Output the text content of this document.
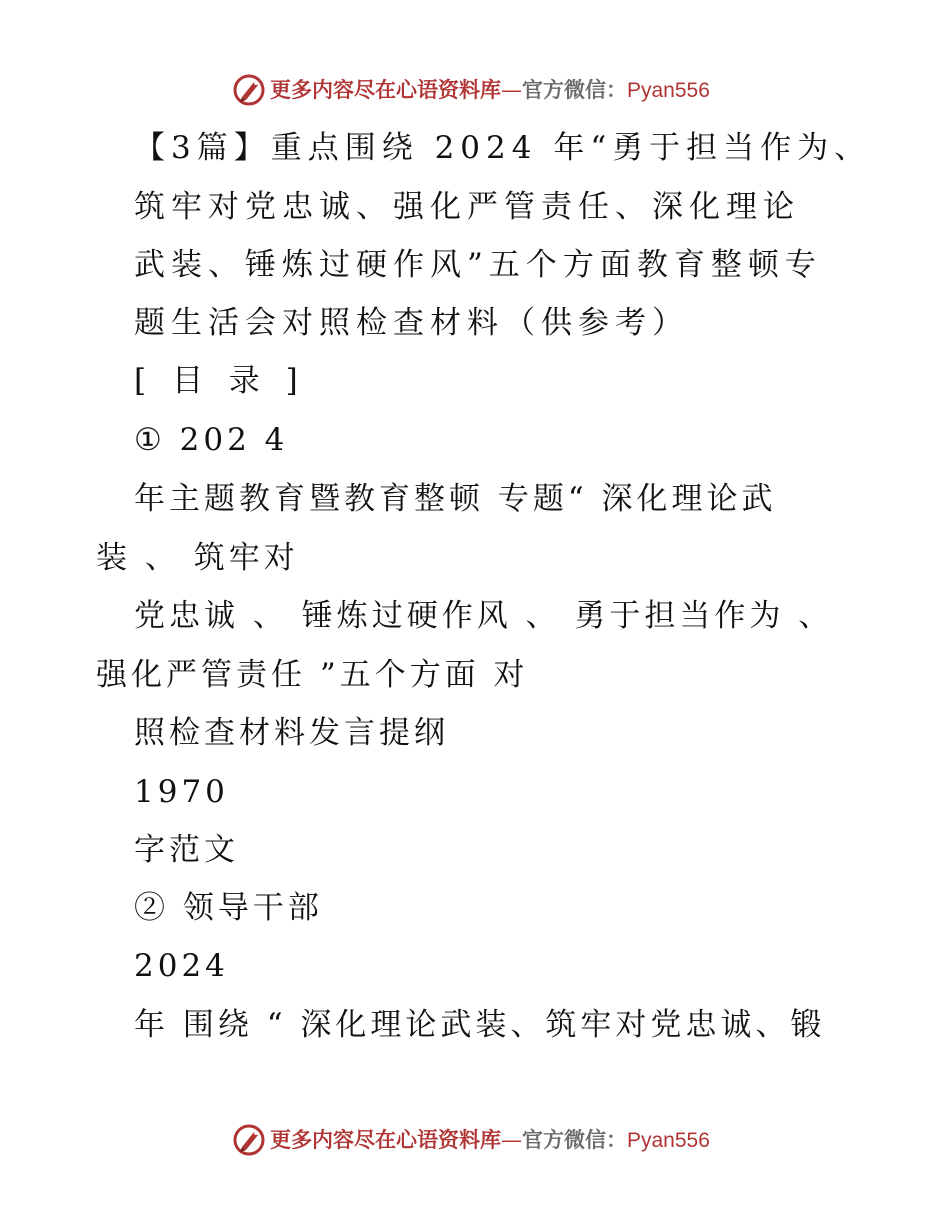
更多内容尽在心语资料库—官方微信：Pyan556
【3篇】重点围绕 2024 年“勇于担当作为、
筑牢对党忠诚、强化严管责任、深化理论
武装、锤炼过硬作风”五个方面教育整顿专
题生活会对照检查材料（供参考）
[ 目 录 ]
① 202 4
年主题教育暨教育整顿 专题“ 深化理论武
装 、 筑牢对
党忠诚 、 锤炼过硬作风 、 勇于担当作为 、
强化严管责任 ”五个方面 对
照检查材料发言提纲
1970
字范文
② 领导干部
2024
年 围绕 “ 深化理论武装、筑牢对党忠诚、锻
更多内容尽在心语资料库—官方微信：Pyan556
